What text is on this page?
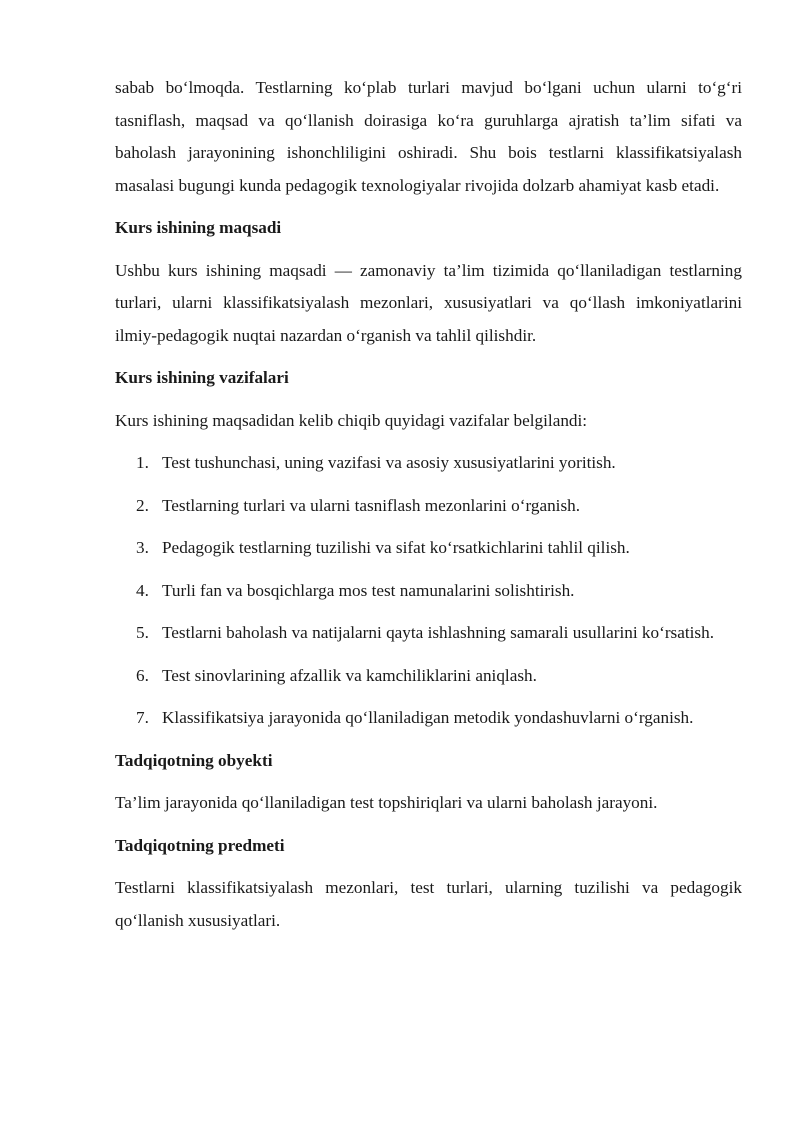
sabab bo‘lmoqda. Testlarning ko‘plab turlari mavjud bo‘lgani uchun ularni to‘g‘ri tasniflash, maqsad va qo‘llanish doirasiga ko‘ra guruhlarga ajratish ta’lim sifati va baholash jarayonining ishonchliligini oshiradi. Shu bois testlarni klassifikatsiyalash masalasi bugungi kunda pedagogik texnologiyalar rivojida dolzarb ahamiyat kasb etadi.

Kurs ishining maqsadi

Ushbu kurs ishining maqsadi — zamonaviy ta’lim tizimida qo‘llaniladigan testlarning turlari, ularni klassifikatsiyalash mezonlari, xususiyatlari va qo‘llash imkoniyatlarini ilmiy-pedagogik nuqtai nazardan o‘rganish va tahlil qilishdir.

Kurs ishining vazifalari

Kurs ishining maqsadidan kelib chiqib quyidagi vazifalar belgilandi:

1. Test tushunchasi, uning vazifasi va asosiy xususiyatlarini yoritish.
2. Testlarning turlari va ularni tasniflash mezonlarini o‘rganish.
3. Pedagogik testlarning tuzilishi va sifat ko‘rsatkichlarini tahlil qilish.
4. Turli fan va bosqichlarga mos test namunalarini solishtirish.
5. Testlarni baholash va natijalarni qayta ishlashning samarali usullarini ko‘rsatish.
6. Test sinovlarining afzallik va kamchiliklarini aniqlash.
7. Klassifikatsiya jarayonida qo‘llaniladigan metodik yondashuvlarni o‘rganish.

Tadqiqotning obyekti

Ta’lim jarayonida qo‘llaniladigan test topshiriqlari va ularni baholash jarayoni.

Tadqiqotning predmeti

Testlarni klassifikatsiyalash mezonlari, test turlari, ularning tuzilishi va pedagogik qo‘llanish xususiyatlari.
